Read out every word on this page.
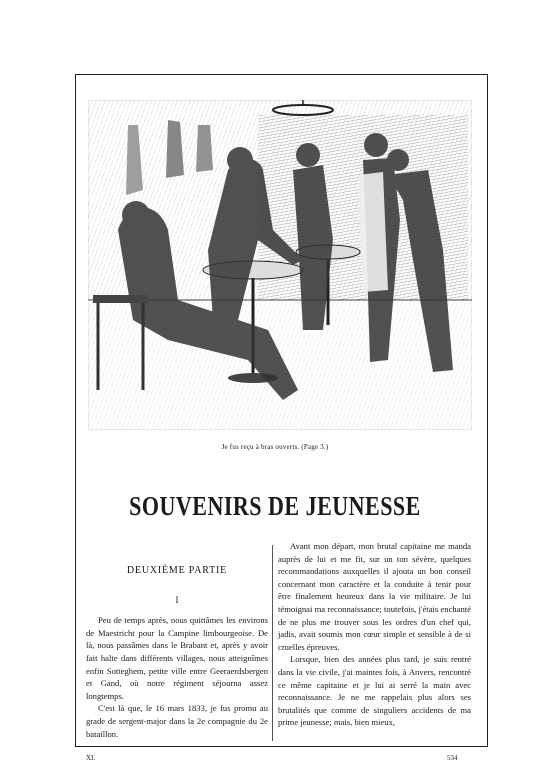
Je fus reçu à bras ouverts. (Page 3.)
SOUVENIRS DE JEUNESSE
DEUXIÈME PARTIE
I

Peu de temps après, nous quittâmes les environs de Maestricht pour la Campine limbourgeoise. De là, nous passâmes dans le Brabant et, après y avoir fait halte dans différents villages, nous atteignîmes enfin Sotteghem, petite ville entre Geeraerdsbergen et Gand, où notre régiment séjourna assez longtemps.

C'est là que, le 16 mars 1833, je fus promu au grade de sergent-major dans la 2e compagnie du 2e bataillon.

Avant mon départ, mon brutal capitaine me manda auprès de lui et me fit, sur un ton sévère, quelques recommandations auxquelles il ajouta un bon conseil concernant mon caractère et la conduite à tenir pour être finalement heureux dans la vie militaire. Je lui témoignai ma reconnaissance; toutefois, j'étais enchanté de ne plus me trouver sous les ordres d'un chef qui, jadis, avait soumis mon cœur simple et sensible à de si cruelles épreuves.

Lorsque, bien des années plus tard, je suis rentré dans la vie civile, j'ai maintes fois, à Anvers, rencontré ce même capitaine et je lui ai serré la main avec reconnaissance. Je ne me rappelais plus alors ses brutalités que comme de singuliers accidents de ma prime jeunesse; mais, bien mieux,

XI.	534
